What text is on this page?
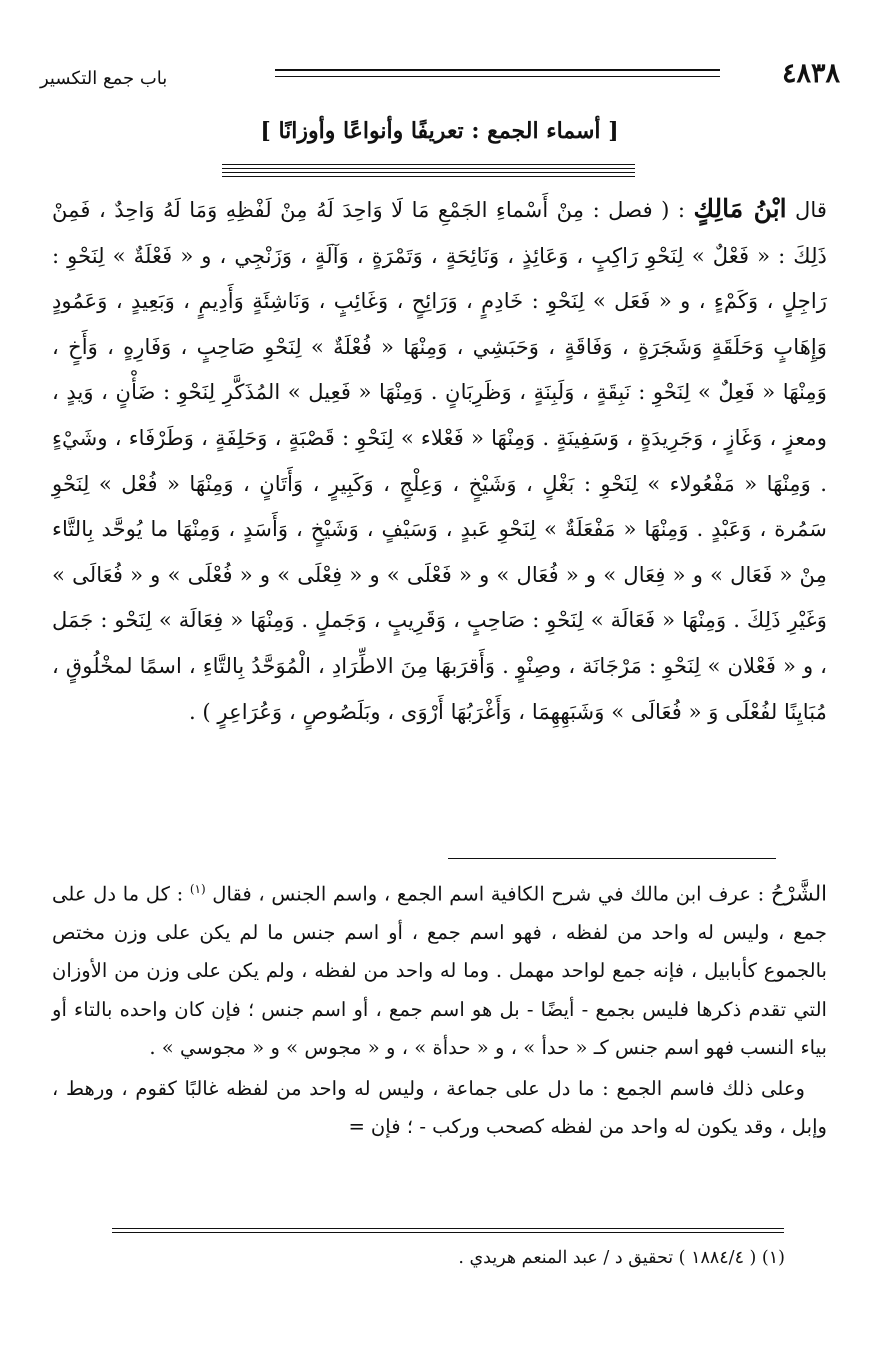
٤٨٣٨
باب جمع التكسير
[ أسماء الجمع : تعريفًا وأنواعًا وأوزانًا ]
قال ابْنُ مَالِكٍ : ( فصل : مِنْ أَسْماءِ الجَمْعِ مَا لَا وَاحِدَ لَهُ مِنْ لَفْظِهِ وَمَا لَهُ وَاحِدٌ ، فَمِنْ ذَلِكَ : « فَعْلٌ » لِنَحْوِ رَاكِبٍ ، وَعَائِذٍ ، وَنَائِحَةٍ ، وَتَمْرَةٍ ، وَآلَةٍ ، وَزَنْجِي ، و « فَعْلَةٌ » لِنَحْوِ : رَاجِلٍ ، وَكَمْءٍ ، و « فَعَل » لِنَحْوِ : خَادِمٍ ، وَرَائِحٍ ، وَغَائِبٍ ، وَنَاشِئَةٍ وَأَدِيمٍ ، وَبَعِيدٍ ، وَعَمُودٍ وَإِهَابٍ وَحَلَقَةٍ وَشَجَرَةٍ ، وَفَاقَةٍ ، وَحَبَشِي ، وَمِنْهَا « فُعْلَةٌ » لِنَحْوِ صَاحِبٍ ، وَفَارِهٍ ، وَأَخٍ ، وَمِنْهَا « فَعِلٌ » لِنَحْوِ : نَبِقَةٍ ، وَلَبِنَةٍ ، وَظَرِبَانٍ . وَمِنْهَا « فَعِيل » المُذَكَّرِ لِنَحْوِ : ضَأْنٍ ، وَيدٍ ، ومعزٍ ، وَغَازٍ ، وَجَرِيدَةٍ ، وَسَفِينَةٍ . وَمِنْهَا « فَعْلاء » لِنَحْوِ : قَصْبَةٍ ، وَحَلِفَةٍ ، وَطَرْفَاء ، وشَيْءٍ . وَمِنْهَا « مَفْعُولاء » لِنَحْوِ : بَغْلٍ ، وَشَيْخٍ ، وَعِلْجٍ ، وَكَبِيرٍ ، وَأَتَانٍ ، وَمِنْهَا « فُعْل » لِنَحْوِ سَمُرة ، وَعَبْدٍ . وَمِنْهَا « مَفْعَلَةٌ » لِنَحْوِ عَبدٍ ، وَسَيْفٍ ، وَشَيْخٍ ، وَأَسَدٍ ، وَمِنْهَا ما يُوحَّد بِالتَّاء مِنْ « فَعَال » و « فِعَال » و « فُعَال » و « فَعْلَى » و « فِعْلَى » و « فُعْلَى » و « فُعَالَى » وَغَيْرِ ذَلِكَ . وَمِنْهَا « فَعَالَة » لِنَحْوِ : صَاحِبٍ ، وَقَرِيبٍ ، وَجَملٍ . وَمِنْهَا « فِعَالَة » لِنَحْو : جَمَل ، و « فَعْلان » لِنَحْوِ : مَرْجَانَة ، وصِنْوٍ . وَأَقرَبهَا مِنَ الاطِّرَادِ ، الْمُوَحَّدُ بِالتَّاءِ ، اسمًا لمخْلُوقٍ ، مُبَايِنًا لفُعْلَى وَ « فُعَالَى » وَشَبَهِهِمَا ، وَأَغْرَبُهَا أَرْوَى ، وبَلَصُوصٍ ، وَعُرَاعِرٍ ) .

الشَّرْحُ : عرف ابن مالك في شرح الكافية اسم الجمع ، واسم الجنس ، فقال $^{(١)}$ : كل ما دل على جمع ، وليس له واحد من لفظه ، فهو اسم جمع ، أو اسم جنس ما لم يكن على وزن مختص بالجموع كأبابيل ، فإنه جمع لواحد مهمل . وما له واحد من لفظه ، ولم يكن على وزن من الأوزان التي تقدم ذكرها فليس بجمع - أيضًا - بل هو اسم جمع ، أو اسم جنس ؛ فإن كان واحده بالتاء أو بياء النسب فهو اسم جنس كـ « حدأ » ، و « حدأة » ، و « مجوس » و « مجوسي » .

وعلى ذلك فاسم الجمع : ما دل على جماعة ، وليس له واحد من لفظه غالبًا كقوم ، ورهط ، وإبل ، وقد يكون له واحد من لفظه كصحب وركب - ؛ فإن=

(١) ( ١٨٨٤/٤ ) تحقيق د / عبد المنعم هريدي .
